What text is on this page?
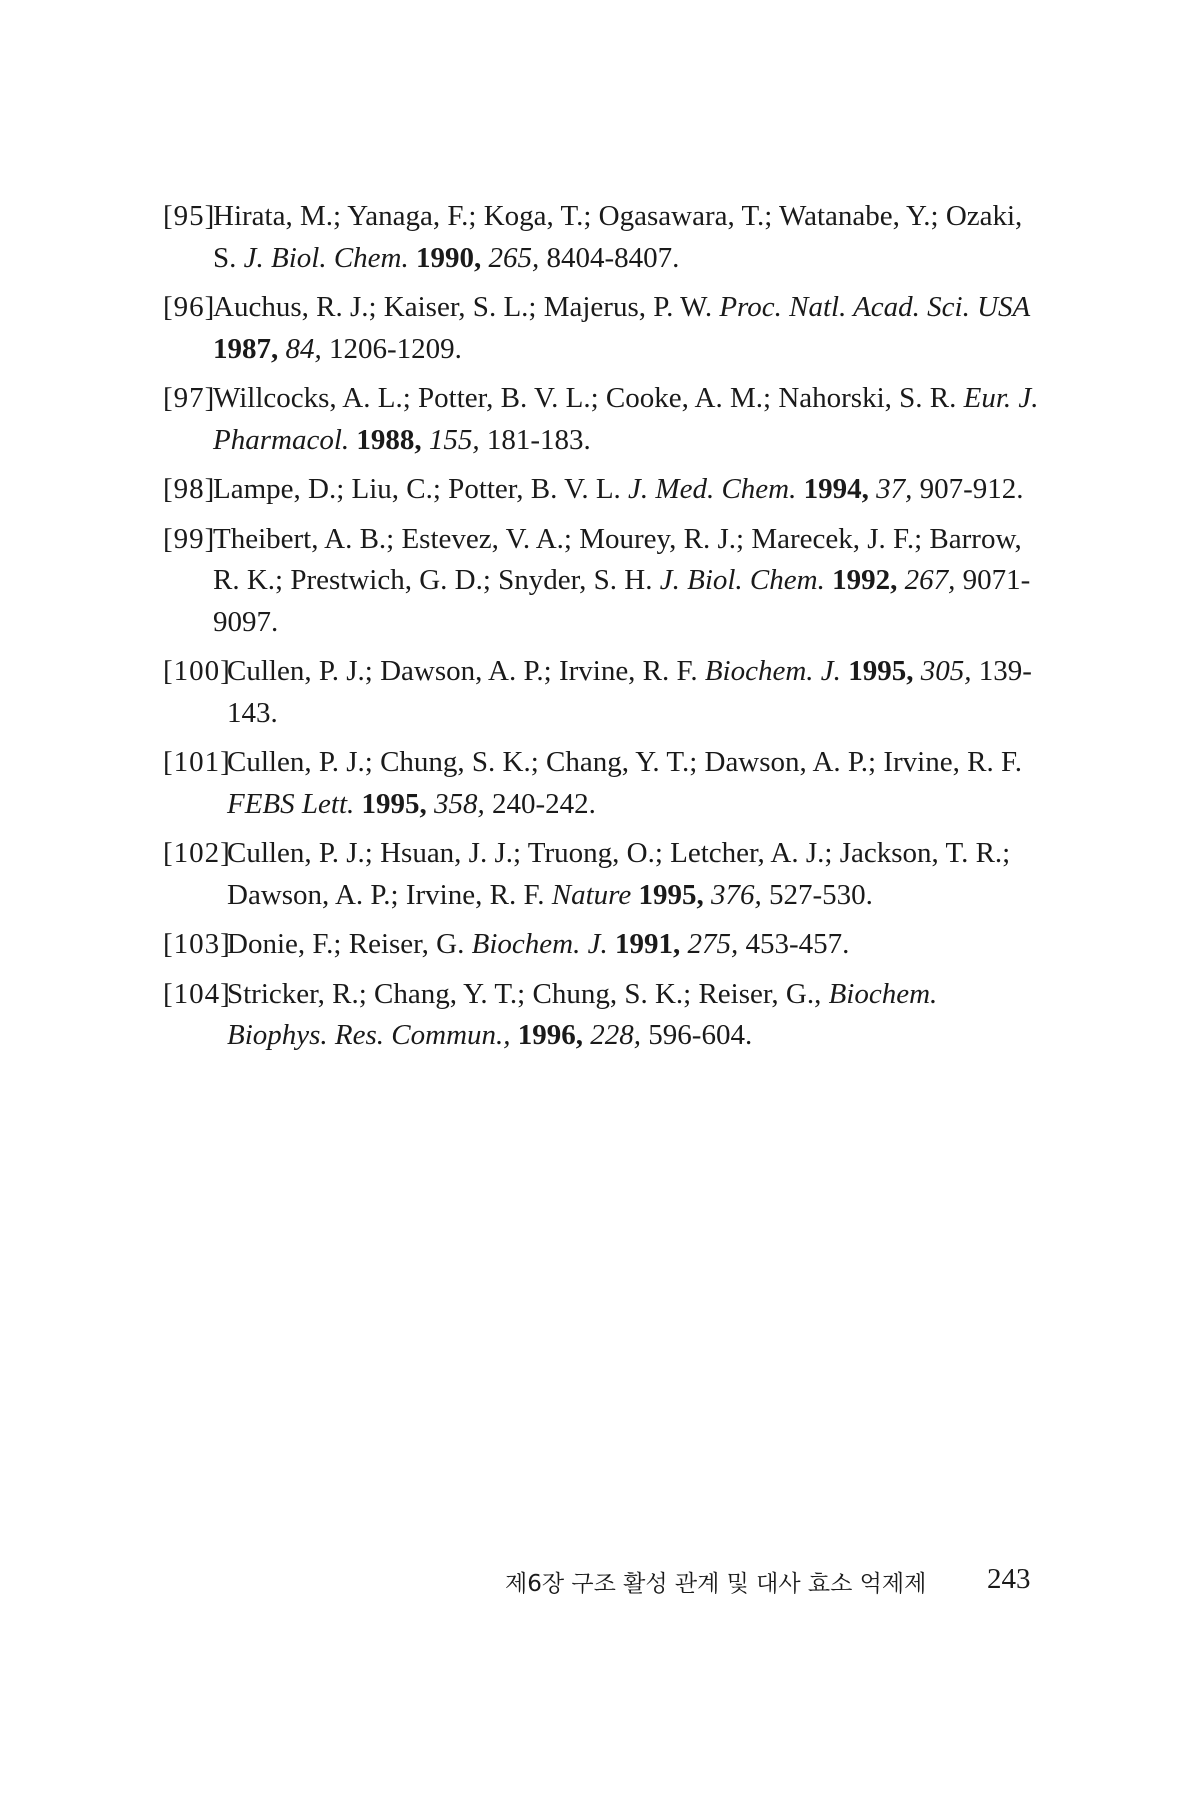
[95]
Hirata, M.; Yanaga, F.; Koga, T.; Ogasawara, T.; Watanabe, Y.; Ozaki, S. J. Biol. Chem. 1990, 265, 8404-8407.
[96]
Auchus, R. J.; Kaiser, S. L.; Majerus, P. W. Proc. Natl. Acad. Sci. USA 1987, 84, 1206-1209.
[97]
Willcocks, A. L.; Potter, B. V. L.; Cooke, A. M.; Nahorski, S. R. Eur. J. Pharmacol. 1988, 155, 181-183.
[98]
Lampe, D.; Liu, C.; Potter, B. V. L. J. Med. Chem. 1994, 37, 907-912.
[99]
Theibert, A. B.; Estevez, V. A.; Mourey, R. J.; Marecek, J. F.; Barrow, R. K.; Prestwich, G. D.; Snyder, S. H. J. Biol. Chem. 1992, 267, 9071-9097.
[100]
Cullen, P. J.; Dawson, A. P.; Irvine, R. F. Biochem. J. 1995, 305, 139-143.
[101]
Cullen, P. J.; Chung, S. K.; Chang, Y. T.; Dawson, A. P.; Irvine, R. F. FEBS Lett. 1995, 358, 240-242.
[102]
Cullen, P. J.; Hsuan, J. J.; Truong, O.; Letcher, A. J.; Jackson, T. R.; Dawson, A. P.; Irvine, R. F. Nature 1995, 376, 527-530.
[103]
Donie, F.; Reiser, G. Biochem. J. 1991, 275, 453-457.
[104]
Stricker, R.; Chang, Y. T.; Chung, S. K.; Reiser, G., Biochem. Biophys. Res. Commun., 1996, 228, 596-604.
제6장 구조 활성 관계 및 대사 효소 억제제 243
